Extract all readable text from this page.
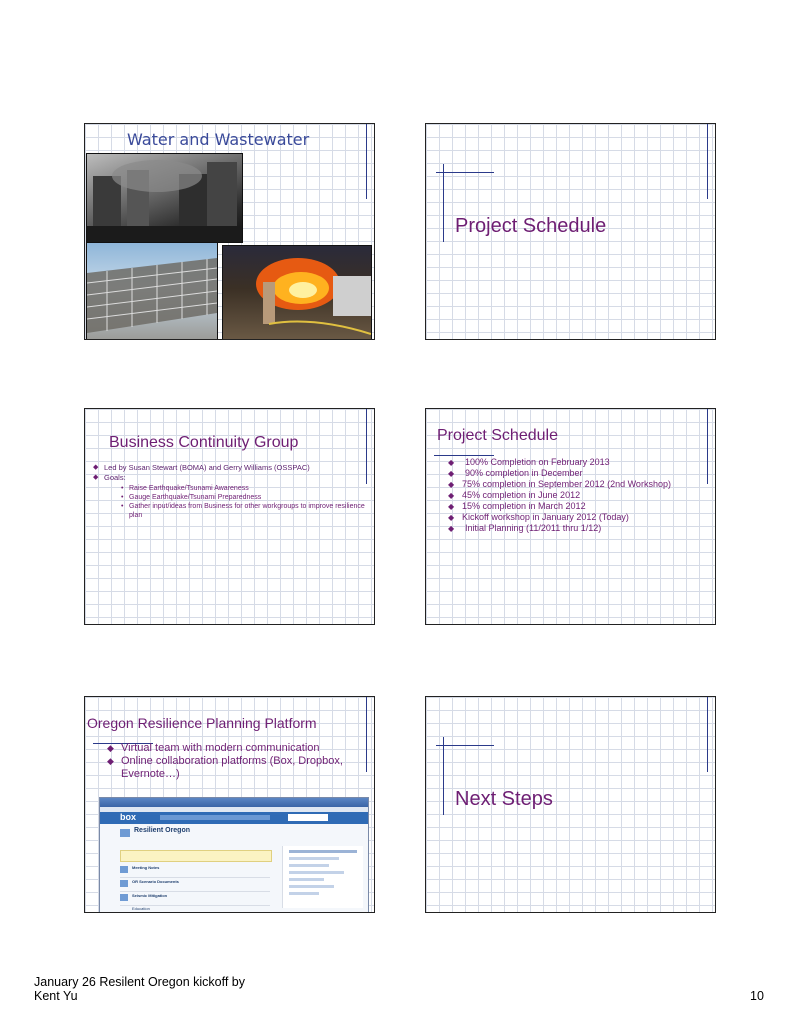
Water and Wastewater
Project Schedule
Business Continuity Group
◆ Led by Susan Stewart (BOMA) and Gerry Williams (OSSPAC)
◆ Goals:
• Raise Earthquake/Tsunami Awareness
• Gauge Earthquake/Tsunami Preparedness
• Gather input/ideas from Business for other workgroups to improve resilience plan
Project Schedule
◆ 100% Completion on February 2013
◆ 90% completion in December
◆ 75% completion in September 2012 (2nd Workshop)
◆ 45% completion in June 2012
◆ 15% completion in March 2012
◆ Kickoff workshop in January 2012 (Today)
◆ Initial Planning (11/2011 thru 1/12)
Oregon Resilience Planning Platform
◆ Virtual team with modern communication
◆ Online collaboration platforms (Box, Dropbox, Evernote…)
box
Resilient Oregon
Meeting Notes
OR Scenario Documents
Seismic Mitigation
Education
Next Steps
January 26 Resilent Oregon kickoff by
Kent Yu	10
